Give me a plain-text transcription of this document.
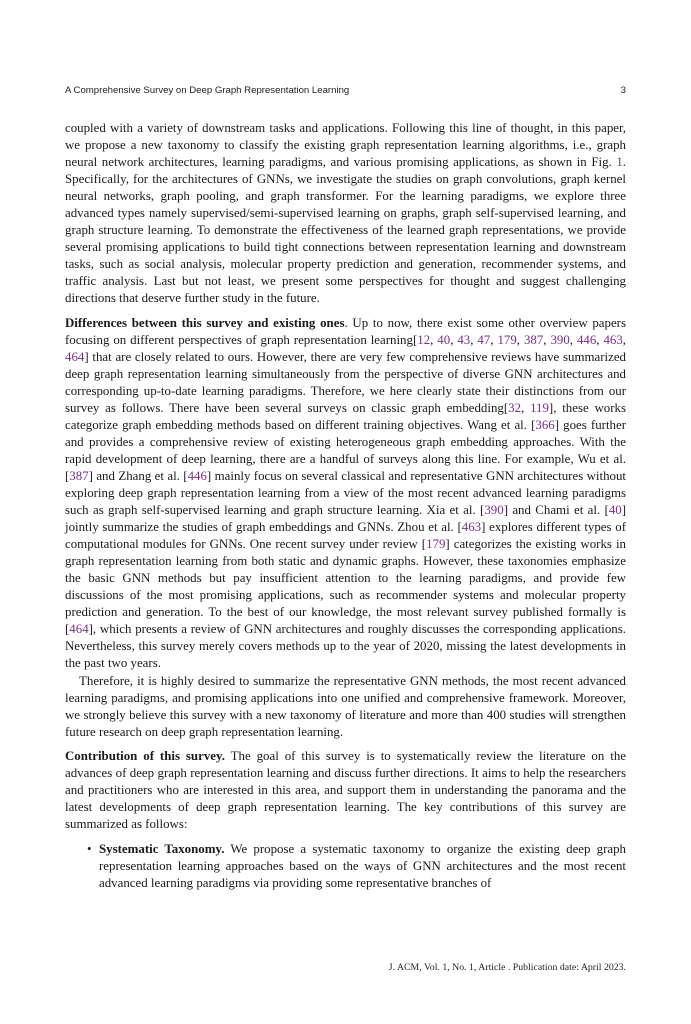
A Comprehensive Survey on Deep Graph Representation Learning	3

coupled with a variety of downstream tasks and applications. Following this line of thought, in this paper, we propose a new taxonomy to classify the existing graph representation learning algorithms, i.e., graph neural network architectures, learning paradigms, and various promising applications, as shown in Fig. 1. Specifically, for the architectures of GNNs, we investigate the studies on graph convolutions, graph kernel neural networks, graph pooling, and graph transformer. For the learning paradigms, we explore three advanced types namely supervised/semi-supervised learning on graphs, graph self-supervised learning, and graph structure learning. To demonstrate the effectiveness of the learned graph representations, we provide several promising applications to build tight connections between representation learning and downstream tasks, such as social analysis, molecular property prediction and generation, recommender systems, and traffic analysis. Last but not least, we present some perspectives for thought and suggest challenging directions that deserve further study in the future.

Differences between this survey and existing ones. Up to now, there exist some other overview papers focusing on different perspectives of graph representation learning[12, 40, 43, 47, 179, 387, 390, 446, 463, 464] that are closely related to ours. However, there are very few comprehensive reviews have summarized deep graph representation learning simultaneously from the perspective of diverse GNN architectures and corresponding up-to-date learning paradigms. Therefore, we here clearly state their distinctions from our survey as follows. There have been several surveys on classic graph embedding[32, 119], these works categorize graph embedding methods based on different training objectives. Wang et al. [366] goes further and provides a comprehensive review of existing heterogeneous graph embedding approaches. With the rapid development of deep learning, there are a handful of surveys along this line. For example, Wu et al. [387] and Zhang et al. [446] mainly focus on several classical and representative GNN architectures without exploring deep graph representation learning from a view of the most recent advanced learning paradigms such as graph self-supervised learning and graph structure learning. Xia et al. [390] and Chami et al. [40] jointly summarize the studies of graph embeddings and GNNs. Zhou et al. [463] explores different types of computational modules for GNNs. One recent survey under review [179] categorizes the existing works in graph representation learning from both static and dynamic graphs. However, these taxonomies emphasize the basic GNN methods but pay insufficient attention to the learning paradigms, and provide few discussions of the most promising applications, such as recommender systems and molecular property prediction and generation. To the best of our knowledge, the most relevant survey published formally is [464], which presents a review of GNN architectures and roughly discusses the corresponding applications. Nevertheless, this survey merely covers methods up to the year of 2020, missing the latest developments in the past two years.

Therefore, it is highly desired to summarize the representative GNN methods, the most recent advanced learning paradigms, and promising applications into one unified and comprehensive framework. Moreover, we strongly believe this survey with a new taxonomy of literature and more than 400 studies will strengthen future research on deep graph representation learning.

Contribution of this survey. The goal of this survey is to systematically review the literature on the advances of deep graph representation learning and discuss further directions. It aims to help the researchers and practitioners who are interested in this area, and support them in understanding the panorama and the latest developments of deep graph representation learning. The key contributions of this survey are summarized as follows:

• Systematic Taxonomy. We propose a systematic taxonomy to organize the existing deep graph representation learning approaches based on the ways of GNN architectures and the most recent advanced learning paradigms via providing some representative branches of
J. ACM, Vol. 1, No. 1, Article . Publication date: April 2023.
